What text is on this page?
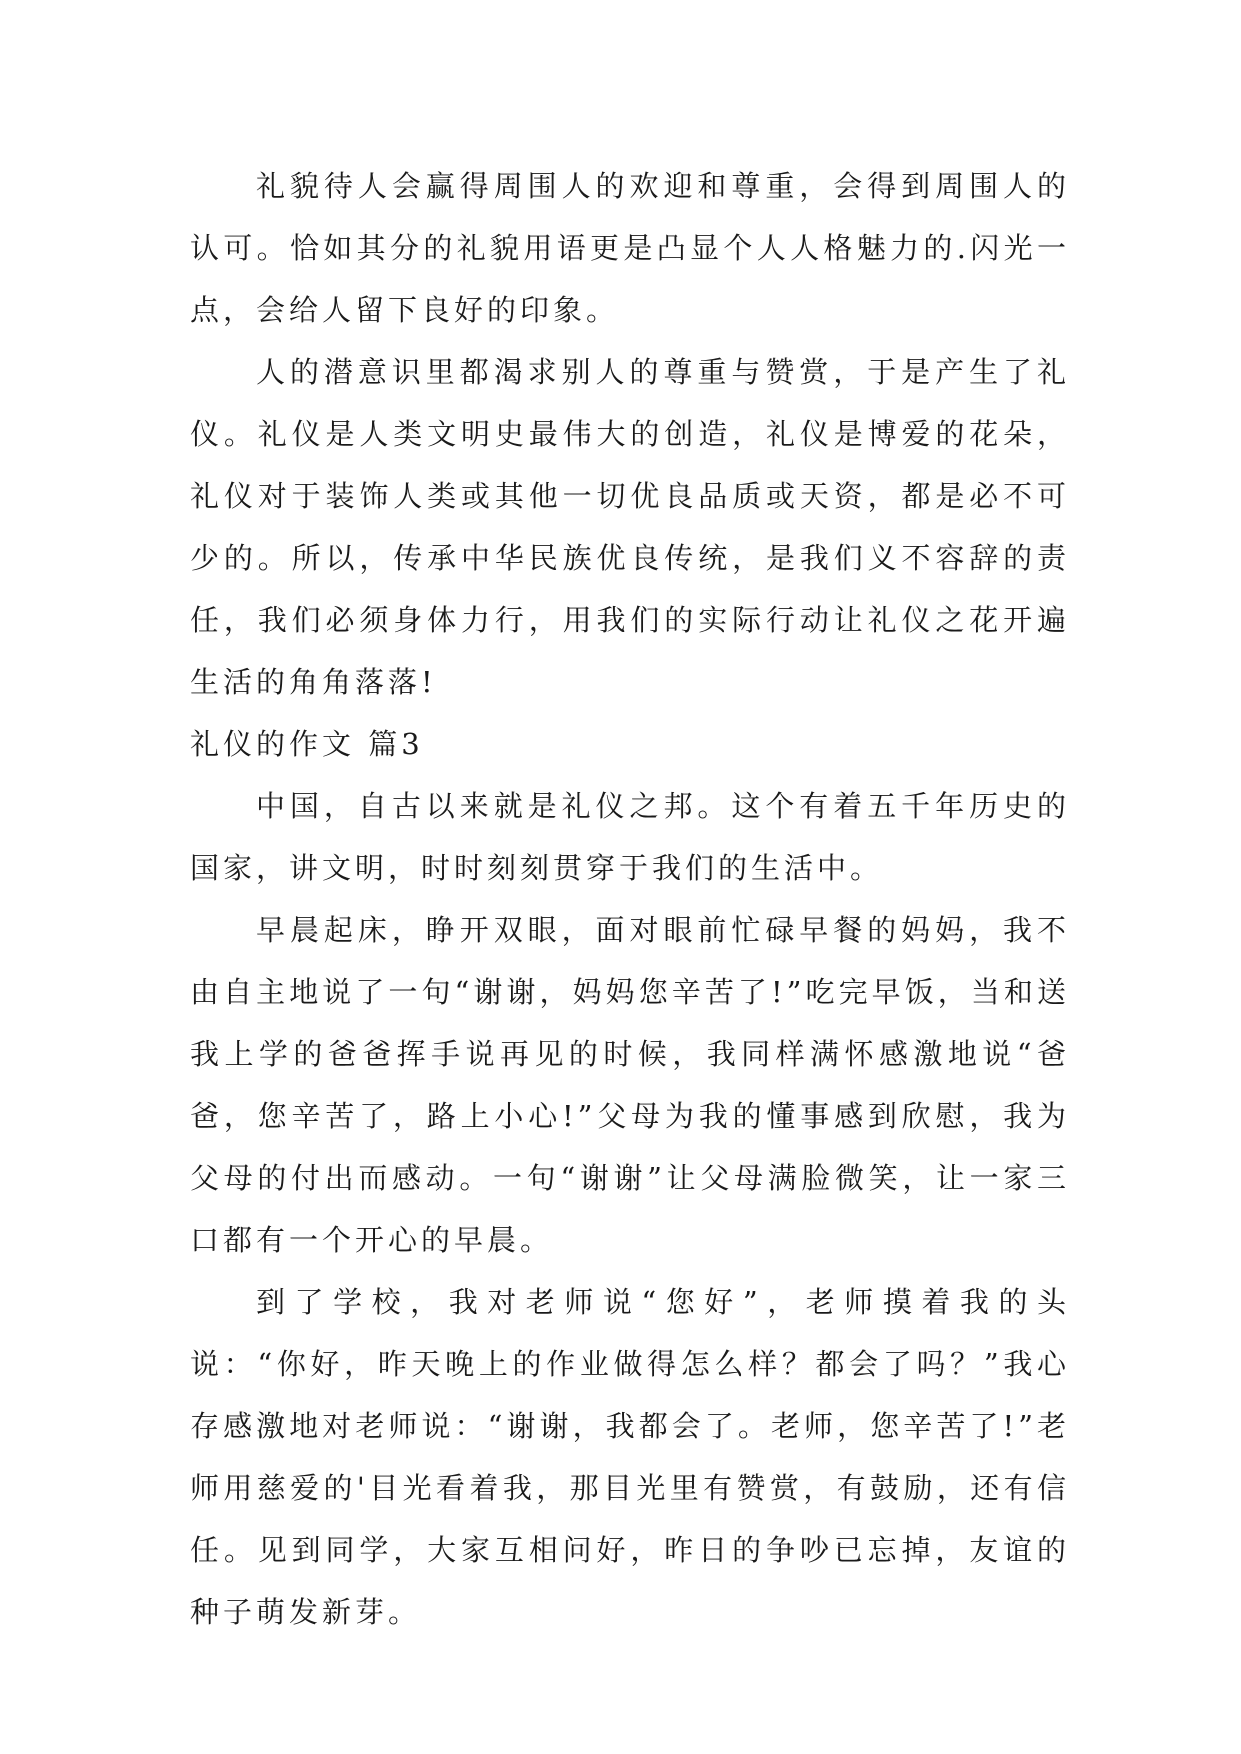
礼貌待人会赢得周围人的欢迎和尊重，会得到周围人的认可。恰如其分的礼貌用语更是凸显个人人格魅力的.闪光一点，会给人留下良好的印象。

人的潜意识里都渴求别人的尊重与赞赏，于是产生了礼仪。礼仪是人类文明史最伟大的创造，礼仪是博爱的花朵，礼仪对于装饰人类或其他一切优良品质或天资，都是必不可少的。所以，传承中华民族优良传统，是我们义不容辞的责任，我们必须身体力行，用我们的实际行动让礼仪之花开遍生活的角角落落!

礼仪的作文 篇3

中国，自古以来就是礼仪之邦。这个有着五千年历史的国家，讲文明，时时刻刻贯穿于我们的生活中。

早晨起床，睁开双眼，面对眼前忙碌早餐的妈妈，我不由自主地说了一句“谢谢，妈妈您辛苦了!”吃完早饭，当和送我上学的爸爸挥手说再见的时候，我同样满怀感激地说“爸爸，您辛苦了，路上小心!”父母为我的懂事感到欣慰，我为父母的付出而感动。一句“谢谢”让父母满脸微笑，让一家三口都有一个开心的早晨。

到了学校，我对老师说“您好”，老师摸着我的头说：“你好，昨天晚上的作业做得怎么样？都会了吗？”我心存感激地对老师说：“谢谢，我都会了。老师，您辛苦了!”老师用慈爱的'目光看着我，那目光里有赞赏，有鼓励，还有信任。见到同学，大家互相问好，昨日的争吵已忘掉，友谊的种子萌发新芽。
